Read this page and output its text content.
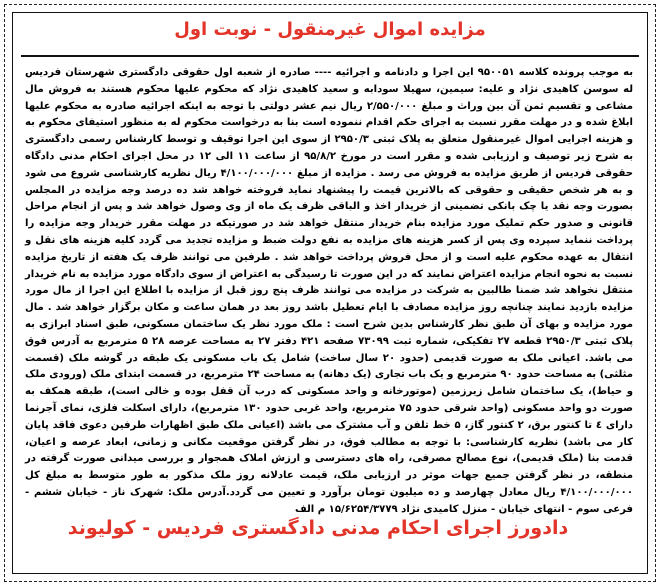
مزایده اموال غیرمنقول - نوبت اول

به موجب پرونده کلاسه ۹۵۰۰۵۱ این اجرا و دادنامه و اجرائیه ---- صادره از شعبه اول حقوقی دادگستری شهرستان فردیس له سوسن کاهیدی نژاد و علیه: سیمین، سهیلا سودابه و سعید کاهیدی نژاد که محکوم علیها محکوم هستند به فروش مال مشاعی و تقسیم ثمن آن بین وراث و مبلغ ۲/۵۵۰/۰۰۰ ریال نیم عشر دولتی با توجه به اینکه اجرائیه صادره به محکوم علیها ابلاغ شده و در مهلت مقرر نسبت به اجرای حکم اقدام ننموده است بنا به درخواست محکوم له به منظور استیفای محکوم به و هزینه اجرایی اموال غیرمنقول متعلق به پلاک ثبتی ۲۹۵۰/۳ از سوی این اجرا توقیف و توسط کارشناس رسمی دادگستری به شرح زیر توصیف و ارزیابی شده و مقرر است در مورخ ۹۵/۸/۲ از ساعت ۱۱ الی ۱۲ در محل اجرای احکام مدنی دادگاه حقوقی فردیس از طریق مزایده به فروش می رسد . مزایده از مبلغ ۴/۱۰۰/۰۰۰/۰۰۰ ریال نظریه کارشناسی شروع می شود و به هر شخص حقیقی و حقوقی که بالاترین قیمت را پیشنهاد نماید فروخته خواهد شد ده درصد وجه مزایده در المجلس بصورت وجه نقد یا چک بانکی تضمینی از خریدار اخذ و الباقی ظرف یک ماه از وی وصول خواهد شد و پس از انجام مراحل قانونی و صدور حکم تملیک مورد مزایده بنام خریدار منتقل خواهد شد در صورتیکه در مهلت مقرر خریدار وجه مزایده را پرداخت ننماید سپرده وی پس از کسر هزینه های مزایده به نفع دولت ضبط و مزایده تجدید می گردد کلیه هزینه های نقل و انتقال به عهده محکوم علیه است و از محل فروش پرداخت خواهد شد . طرفین می توانند ظرف یک هفته از تاریخ مزایده نسبت به نحوه انجام مزایده اعتراض نمایند که در این صورت تا رسیدگی به اعتراض از سوی دادگاه مورد مزایده به نام خریدار منتقل نخواهد شد ضمنا طالبین به شرکت در مزایده می توانند ظرف پنج روز قبل از مزایده با اطلاع این اجرا از مال مورد مزایده بازدید نمایند چنانچه روز مزایده مصادف با ایام تعطیل باشد روز بعد در همان ساعت و مکان برگزار خواهد شد . مال مورد مزایده و بهای آن طبق نظر کارشناس بدین شرح است : ملک مورد نظر یک ساختمان مسکونی، طبق اسناد ابرازی به پلاک ثبتی ۲۹۵۰/۳ قطعه ۲۷ تفکیکی، شماره ثبت ۷۳۰۹۹ صفحه ۴۲۱ دفتر ۲۷ به مساحت عرصه ۲۸ ۵ مترمربع به آدرس فوق می باشد. اعیانی ملک به صورت قدیمی (حدود ۲۰ سال ساخت) شامل یک باب مسکونی یک طبقه در گوشه ملک (قسمت مثلثی) به مساحت حدود ۹۰ مترمربع و یک باب تجاری (یک دهانه) به مساحت ۲۴ مترمربع، در قسمت ابتدای ملک (ورودی ملک و حیاط)، یک ساختمان شامل زیرزمین (موتورخانه و واحد مسکونی که درب آن قفل بوده و خالی است)، طبقه همکف به صورت دو واحد مسکونی (واحد شرقی حدود ۷۵ مترمربع، واحد غربی حدود ۱۳۰ مترمربع)، دارای اسکلت فلزی، نمای آجرنما دارای ٤ تا کنتور برق، ۲ کنتور گاز، ۵ خط تلفن و آب مشترک می باشد (اعیانی ملک طبق اظهارات طرفین دعوی فاقد پایان کار می باشد) نظریه کارشناسی: با توجه به مطالب فوق، در نظر گرفتن موقعیت مکانی و زمانی، ابعاد عرصه و اعیان، قدمت بنا (ملک قدیمی)، نوع مصالح مصرفی، راه های دسترسی و ارزش املاک همجوار و بررسی میدانی صورت گرفته در منطقه، در نظر گرفتن جمیع جهات موثر در ارزیابی ملک، قیمت عادلانه روز ملک مذکور به طور متوسط به مبلغ کل ۴/۱۰۰/۰۰۰/۰۰۰ ریال معادل چهارصد و ده میلیون تومان برآورد و تعیین می گردد.آدرس ملک: شهرک ناز - خیابان ششم - فرعی سوم - انتهای خیابان - منزل کامیدی نژاد ۱۵/۶۲۵۴/۳۷۷۹ م الف

دادورز اجرای احکام مدنی دادگستری فردیس - کولیوند
